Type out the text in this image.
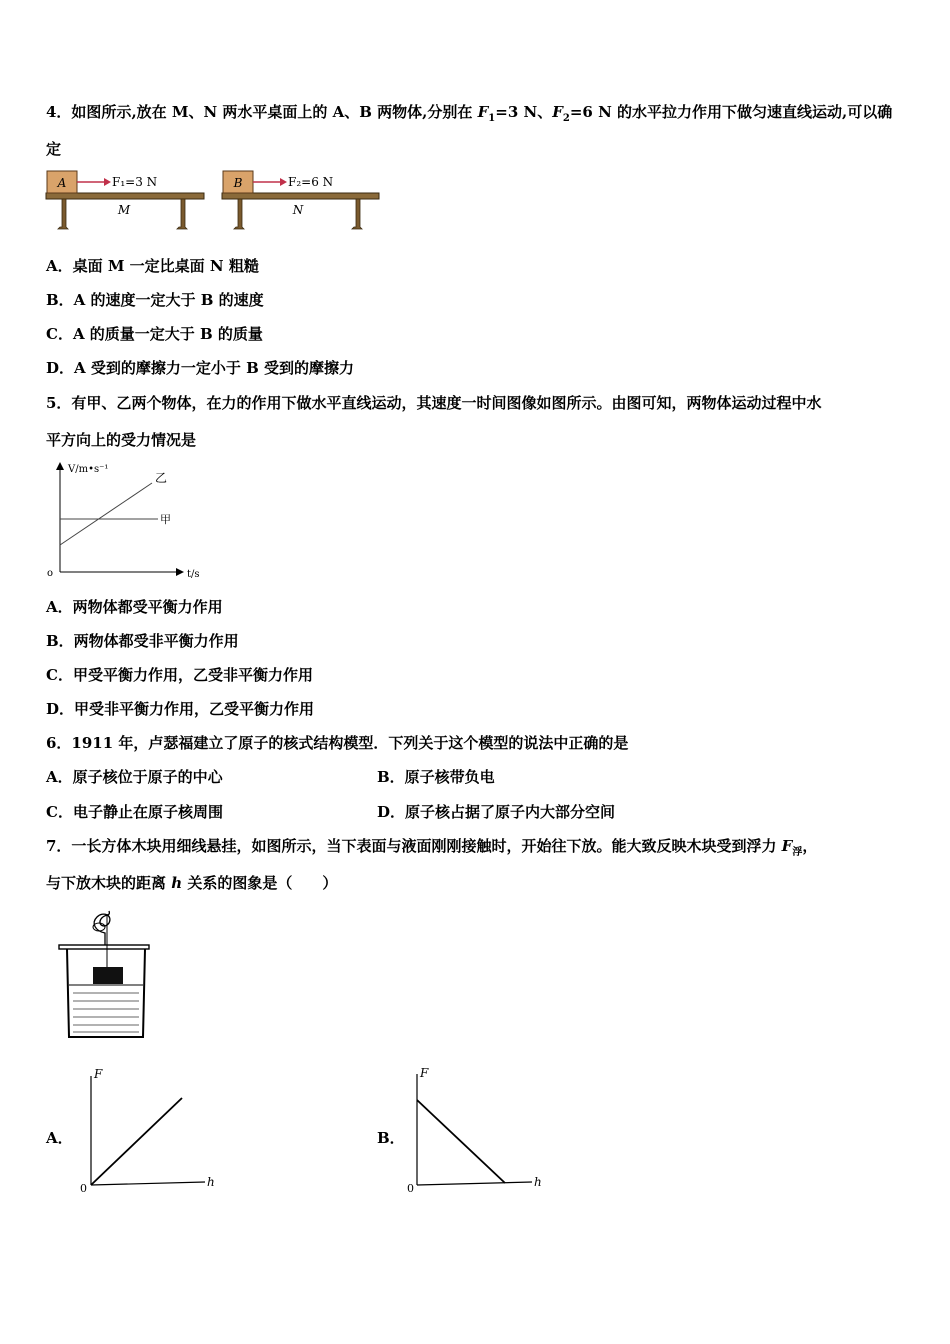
4．如图所示,放在 M、N 两水平桌面上的 A、B 两物体,分别在 $F_1=3$ N、$F_2=6$ N 的水平拉力作用下做匀速直线运动,可以确
定
A	F₁=3 N
M
B	F₂=6 N
N
A．桌面 M 一定比桌面 N 粗糙
B．A 的速度一定大于 B 的速度
C．A 的质量一定大于 B 的质量
D．A 受到的摩擦力一定小于 B 受到的摩擦力
5．有甲、乙两个物体，在力的作用下做水平直线运动，其速度一时间图像如图所示。由图可知，两物体运动过程中水
平方向上的受力情况是
V/m•s⁻¹
t/s
o
乙
甲
A．两物体都受平衡力作用
B．两物体都受非平衡力作用
C．甲受平衡力作用，乙受非平衡力作用
D．甲受非平衡力作用，乙受平衡力作用
6．1911 年，卢瑟福建立了原子的核式结构模型．下列关于这个模型的说法中正确的是
A．原子核位于原子的中心	B．原子核带负电
C．电子静止在原子核周围	D．原子核占据了原子内大部分空间
7．一长方体木块用细线悬挂，如图所示，当下表面与液面刚刚接触时，开始往下放。能大致反映木块受到浮力 $F_浮$，
与下放木块的距离 h 关系的图象是（　　）
A．
F
h
0
B．
F
h
0
